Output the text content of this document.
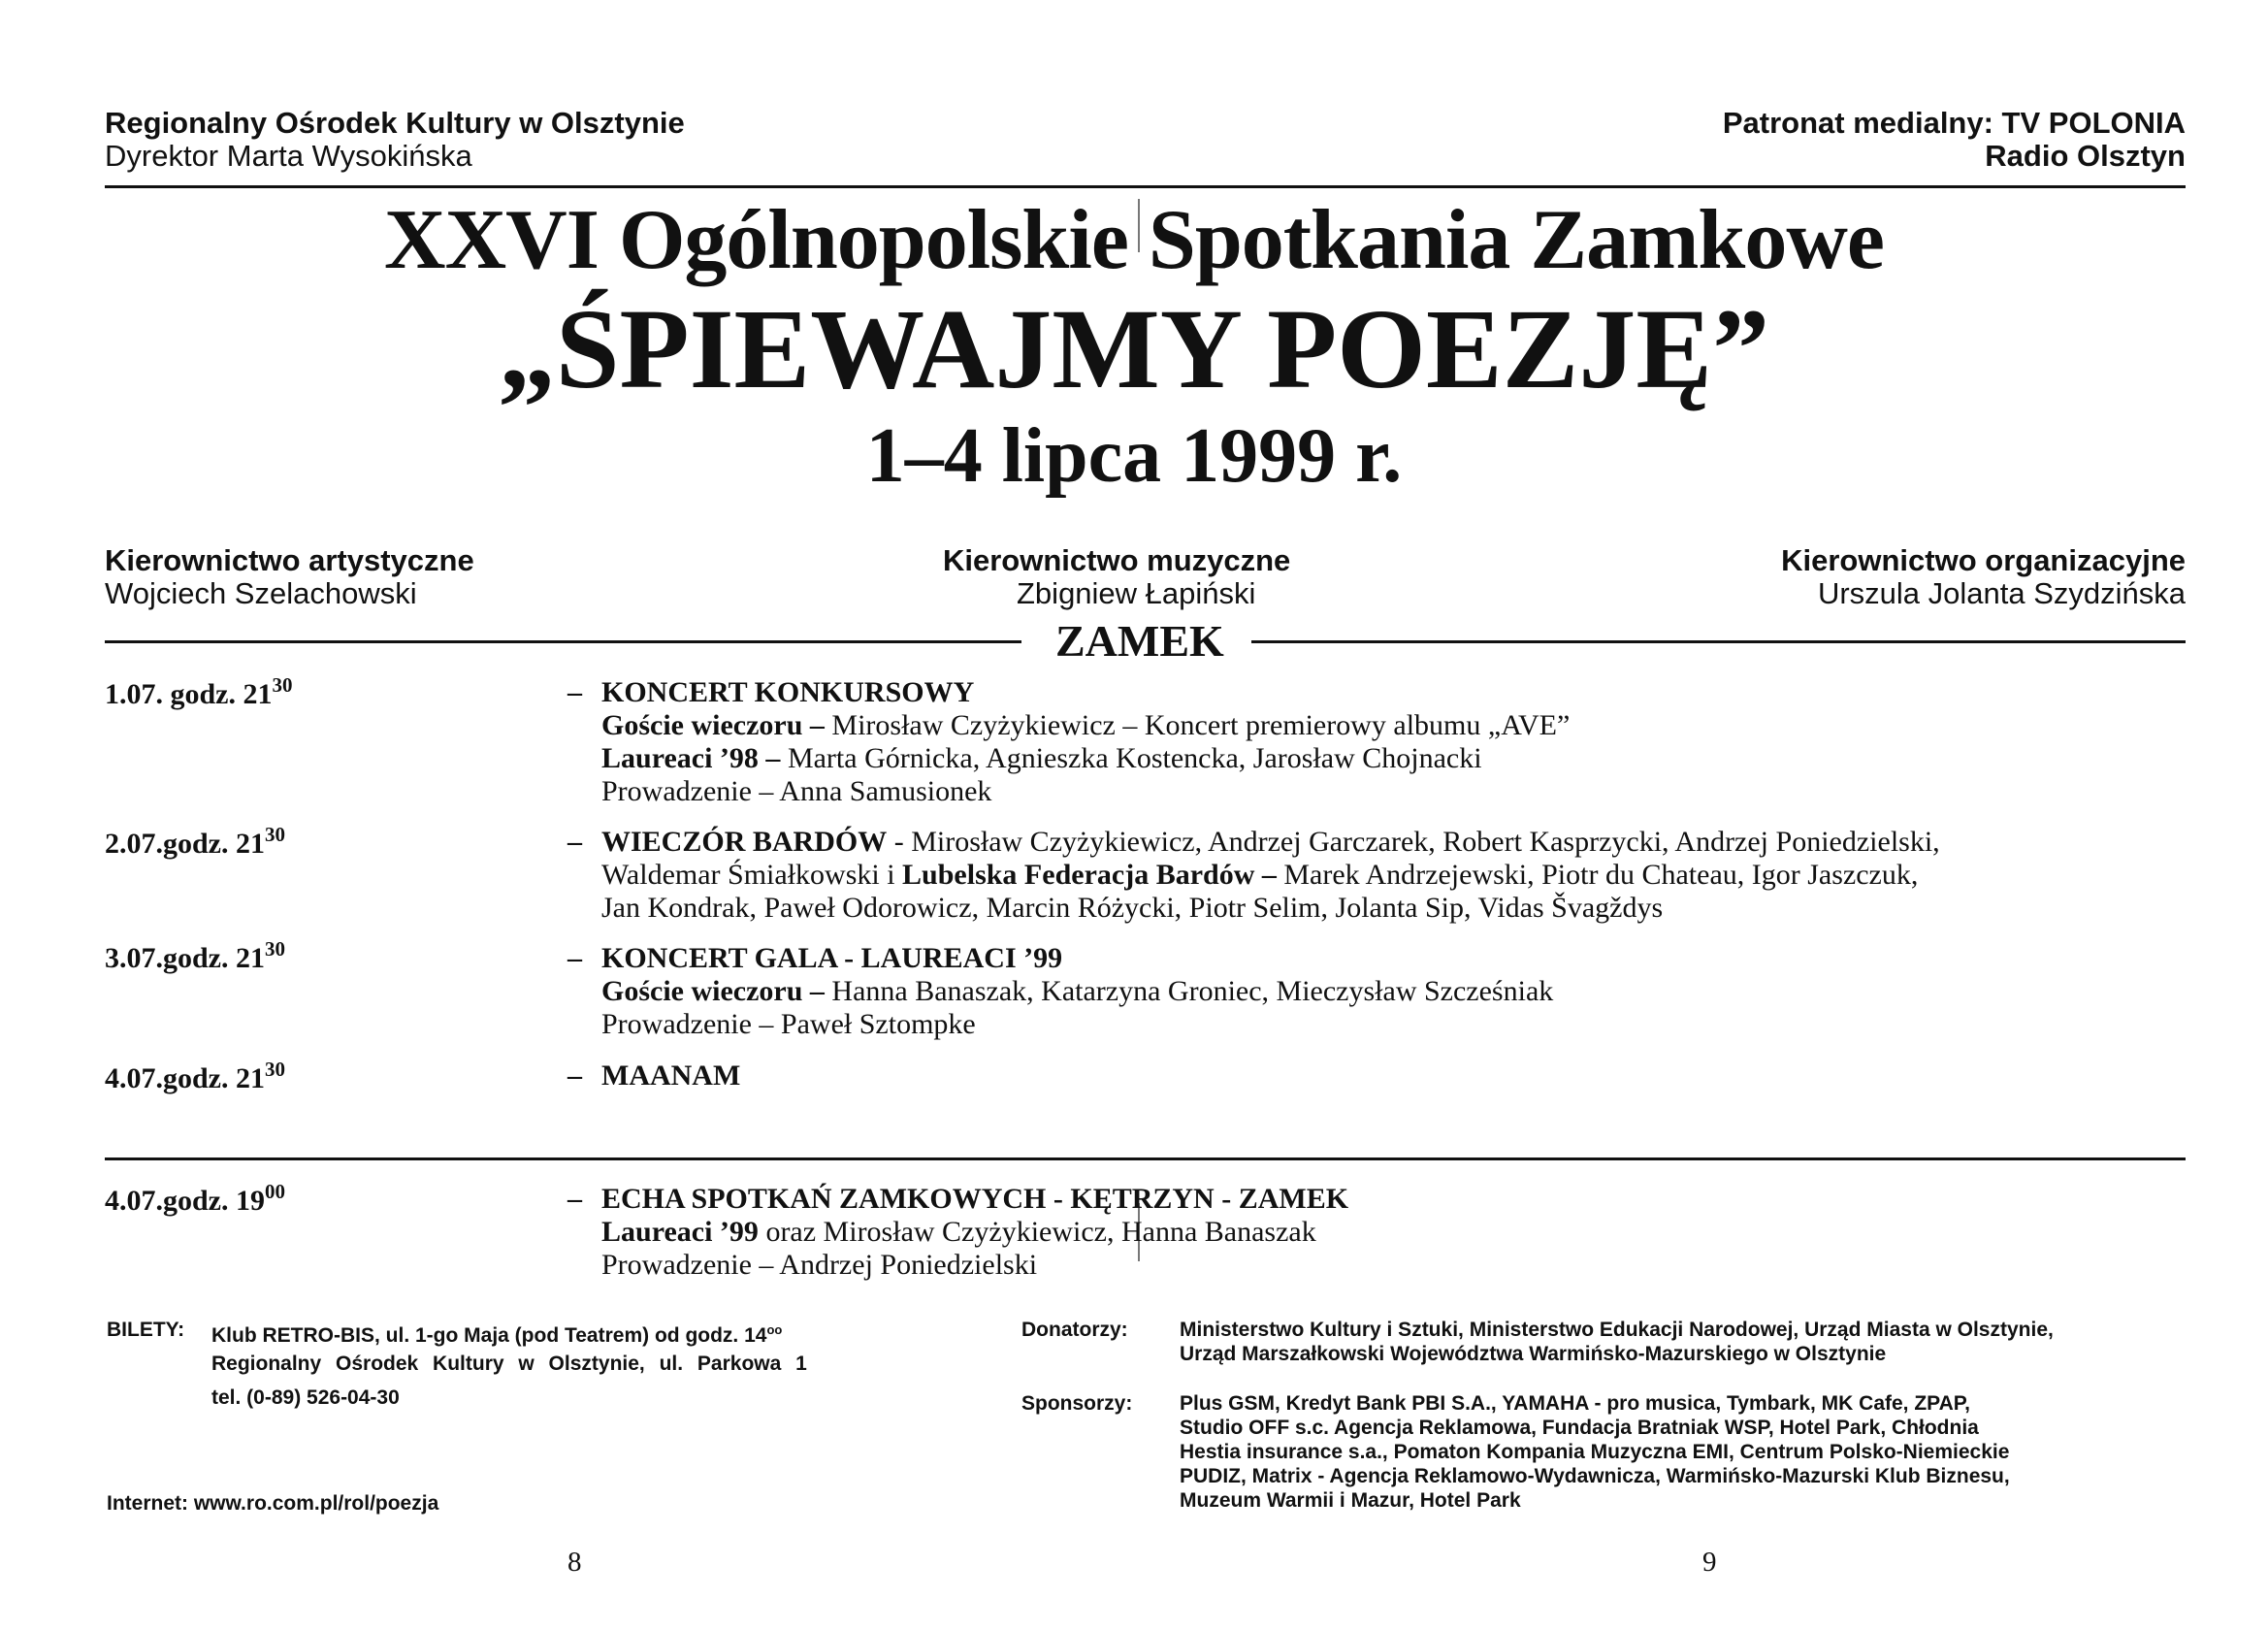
Regionalny Ośrodek Kultury w Olsztynie
Dyrektor Marta Wysokińska
Patronat medialny: TV POLONIA
Radio Olsztyn
XXVI Ogólnopolskie Spotkania Zamkowe
„ŚPIEWAJMY POEZJĘ”
1–4 lipca 1999 r.
Kierownictwo artystyczne
Wojciech Szelachowski
Kierownictwo muzyczne
Zbigniew Łapiński
Kierownictwo organizacyjne
Urszula Jolanta Szydzińska
ZAMEK
1.07. godz. $21^{30}$	– KONCERT KONKURSOWY
Goście wieczoru – Mirosław Czyżykiewicz – Koncert premierowy albumu „AVE”
Laureaci ’98 – Marta Górnicka, Agnieszka Kostencka, Jarosław Chojnacki
Prowadzenie – Anna Samusionek
2.07.godz. $21^{30}$	– WIECZÓR BARDÓW - Mirosław Czyżykiewicz, Andrzej Garczarek, Robert Kasprzycki, Andrzej Poniedzielski,
Waldemar Śmiałkowski i Lubelska Federacja Bardów – Marek Andrzejewski, Piotr du Chateau, Igor Jaszczuk,
Jan Kondrak, Paweł Odorowicz, Marcin Różycki, Piotr Selim, Jolanta Sip, Vidas Švagždys
3.07.godz. $21^{30}$	– KONCERT GALA - LAUREACI ’99
Goście wieczoru – Hanna Banaszak, Katarzyna Groniec, Mieczysław Szcześniak
Prowadzenie – Paweł Sztompke
4.07.godz. $21^{30}$	– MAANAM
4.07.godz. $19^{00}$	– ECHA SPOTKAŃ ZAMKOWYCH - KĘTRZYN - ZAMEK
Laureaci ’99 oraz Mirosław Czyżykiewicz, Hanna Banaszak
Prowadzenie – Andrzej Poniedzielski
BILETY: Klub RETRO-BIS, ul. 1-go Maja (pod Teatrem) od godz. $14^{oo}$
Regionalny Ośrodek Kultury w Olsztynie, ul. Parkowa 1
tel. (0-89) 526-04-30
Internet: www.ro.com.pl/rol/poezja
Donatorzy:	Ministerstwo Kultury i Sztuki, Ministerstwo Edukacji Narodowej, Urząd Miasta w Olsztynie,
Urząd Marszałkowski Województwa Warmińsko-Mazurskiego w Olsztynie
Sponsorzy: Plus GSM, Kredyt Bank PBI S.A., YAMAHA - pro musica, Tymbark, MK Cafe, ZPAP,
Studio OFF s.c. Agencja Reklamowa, Fundacja Bratniak WSP, Hotel Park, Chłodnia
Hestia insurance s.a., Pomaton Kompania Muzyczna EMI, Centrum Polsko-Niemieckie
PUDIZ, Matrix - Agencja Reklamowo-Wydawnicza, Warmińsko-Mazurski Klub Biznesu,
Muzeum Warmii i Mazur, Hotel Park
8	9
